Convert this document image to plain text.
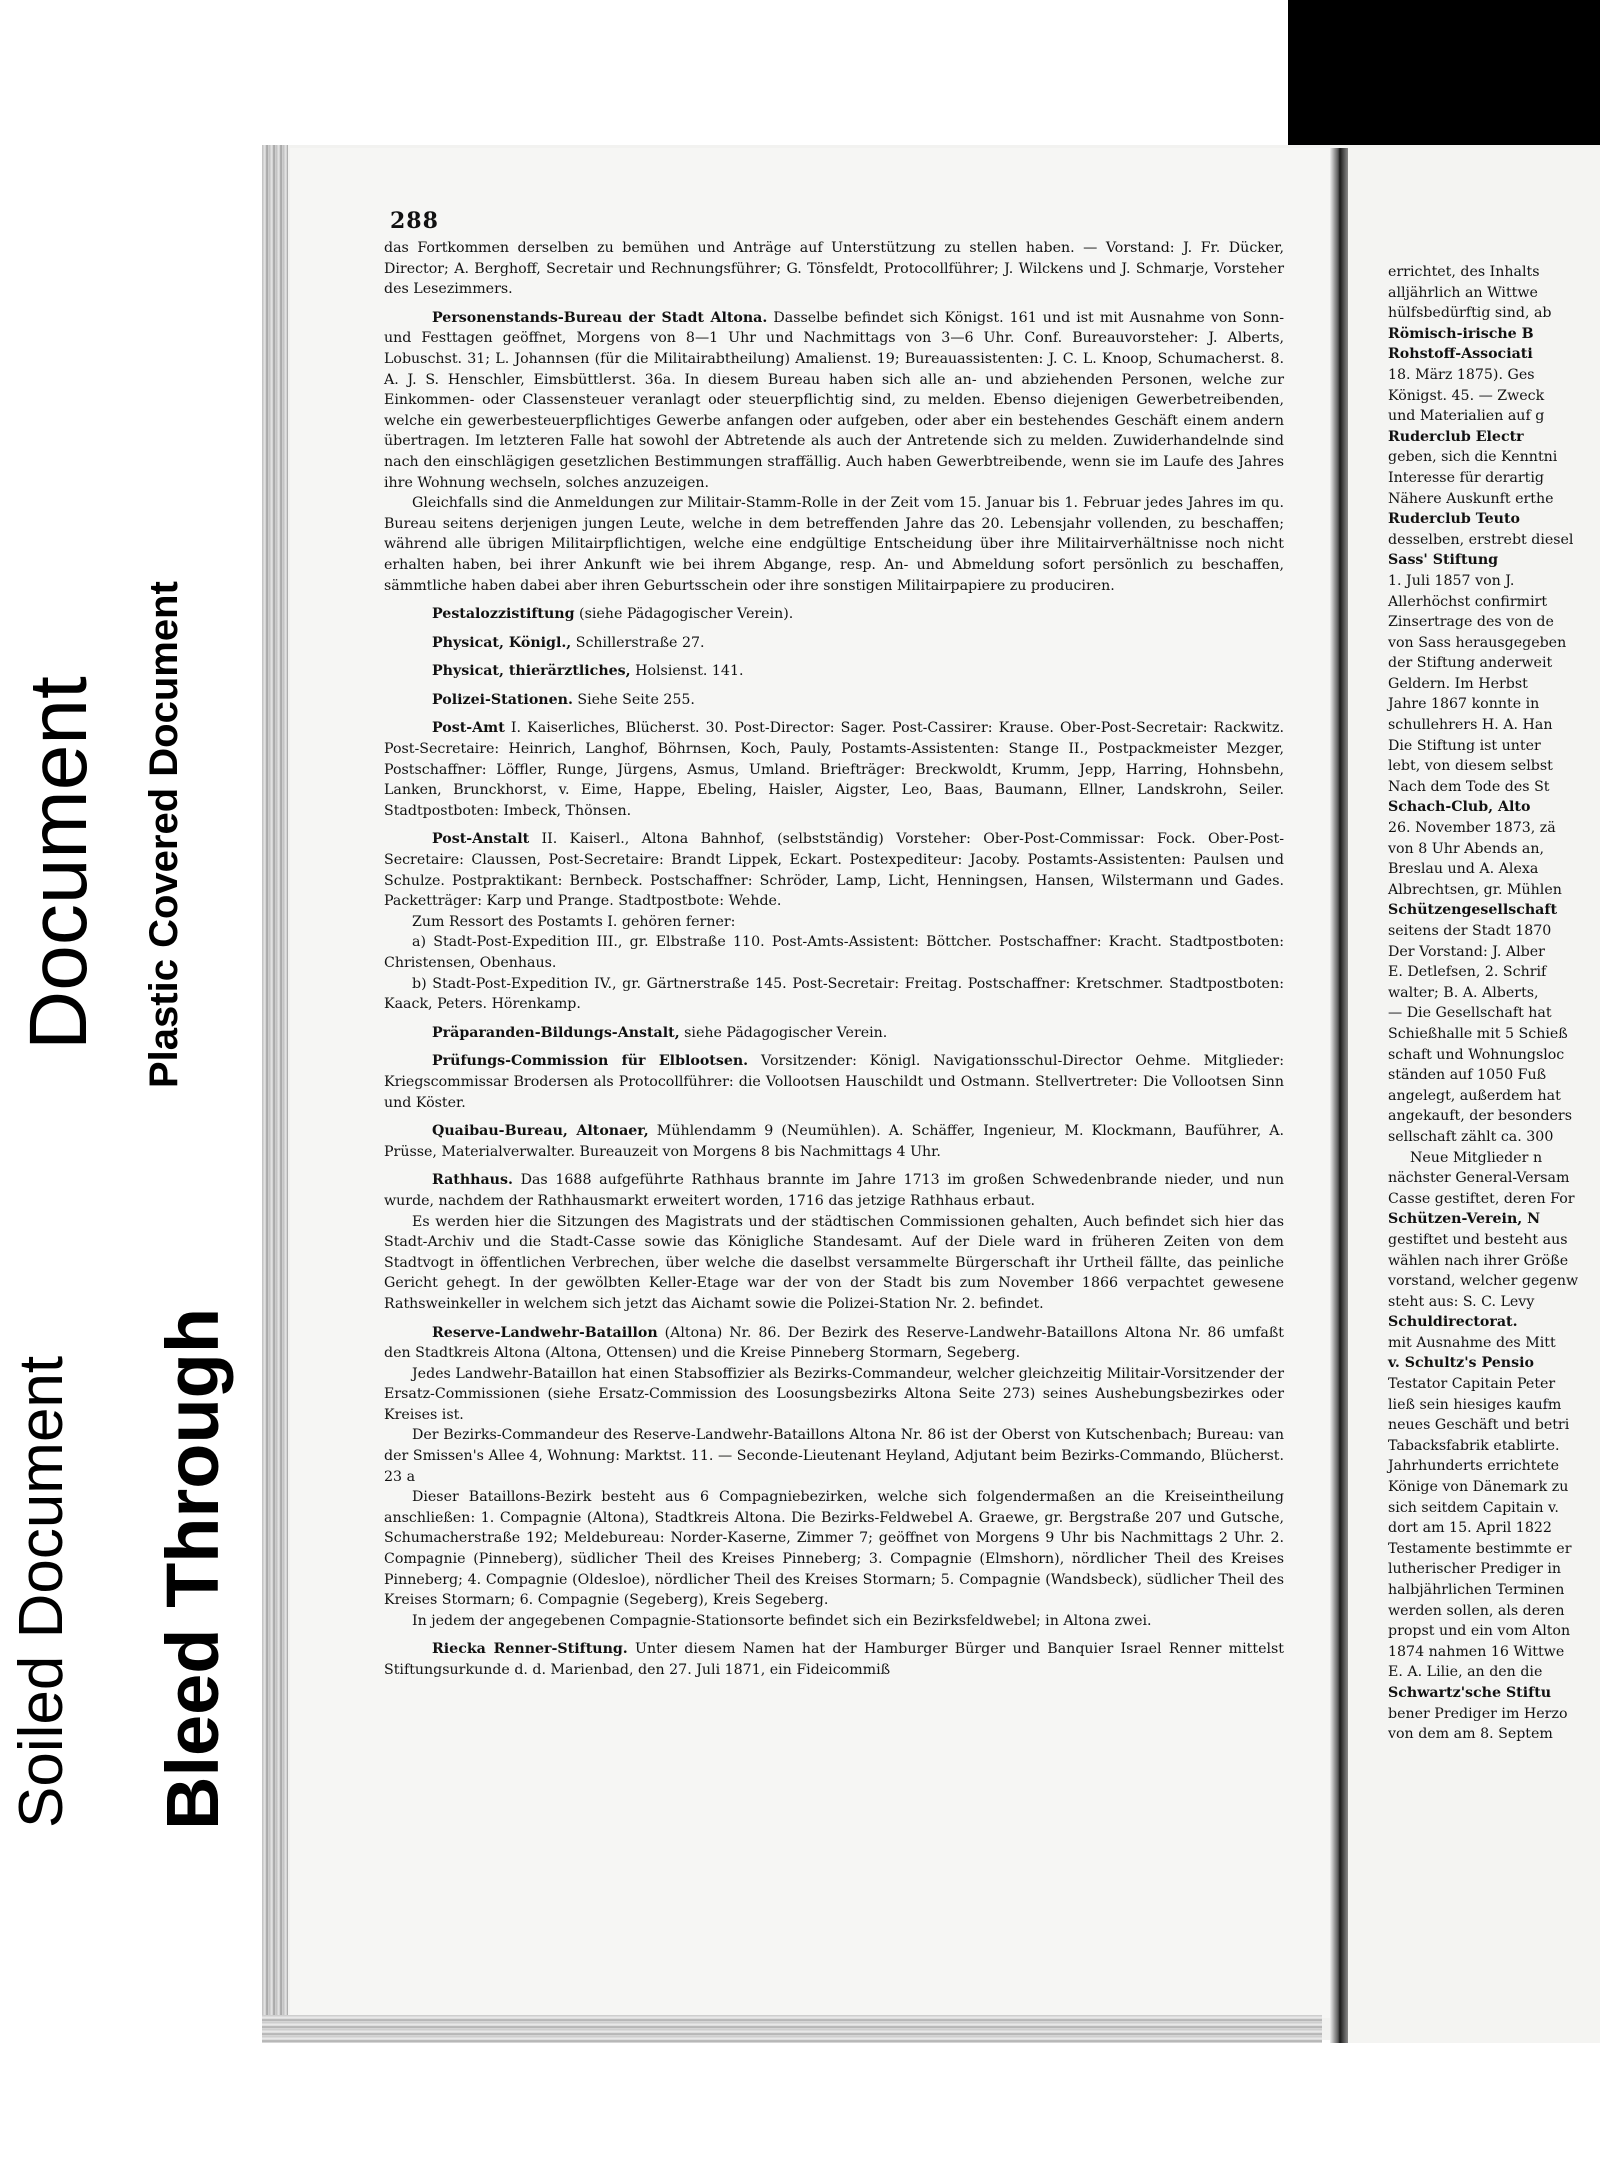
Document Plastic Covered Document
Soiled Document Bleed Through
288

das Fortkommen derselben zu bemühen und Anträge auf Unterstützung zu stellen haben. — Vorstand: J. Fr. Dücker, Director; A. Berghoff, Secretair und Rechnungsführer; G. Tönsfeldt, Protocollführer; J. Wilckens und J. Schmarje, Vorsteher des Lesezimmers.

Personenstands-Bureau der Stadt Altona. Dasselbe befindet sich Königst. 161 und ist mit Ausnahme von Sonn- und Festtagen geöffnet, Morgens von 8—1 Uhr und Nachmittags von 3—6 Uhr. Conf. Bureauvorsteher: J. Alberts, Lobuschst. 31; L. Johannsen (für die Militairabtheilung) Amalienst. 19; Bureauassistenten: J. C. L. Knoop, Schumacherst. 8. A. J. S. Henschler, Eimsbüttlerst. 36a. In diesem Bureau haben sich alle an- und abziehenden Personen, welche zur Einkommen- oder Classensteuer veranlagt oder steuerpflichtig sind, zu melden. Ebenso diejenigen Gewerbetreibenden, welche ein gewerbesteuerpflichtiges Gewerbe anfangen oder aufgeben, oder aber ein bestehendes Geschäft einem andern übertragen. Im letzteren Falle hat sowohl der Abtretende als auch der Antretende sich zu melden. Zuwiderhandelnde sind nach den einschlägigen gesetzlichen Bestimmungen straffällig. Auch haben Gewerbtreibende, wenn sie im Laufe des Jahres ihre Wohnung wechseln, solches anzuzeigen.

Gleichfalls sind die Anmeldungen zur Militair-Stamm-Rolle in der Zeit vom 15. Januar bis 1. Februar jedes Jahres im qu. Bureau seitens derjenigen jungen Leute, welche in dem betreffenden Jahre das 20. Lebensjahr vollenden, zu beschaffen; während alle übrigen Militairpflichtigen, welche eine endgültige Entscheidung über ihre Militairverhältnisse noch nicht erhalten haben, bei ihrer Ankunft wie bei ihrem Abgange, resp. An- und Abmeldung sofort persönlich zu beschaffen, sämmtliche haben dabei aber ihren Geburtsschein oder ihre sonstigen Militairpapiere zu produciren.

Pestalozzistiftung (siehe Pädagogischer Verein).

Physicat, Königl., Schillerstraße 27.

Physicat, thierärztliches, Holsienst. 141.

Polizei-Stationen. Siehe Seite 255.

Post-Amt I. Kaiserliches, Blücherst. 30. Post-Director: Sager. Post-Cassirer: Krause. Ober-Post-Secretair: Rackwitz. Post-Secretaire: Heinrich, Langhof, Böhrnsen, Koch, Pauly, Postamts-Assistenten: Stange II., Postpackmeister Mezger, Postschaffner: Löffler, Runge, Jürgens, Asmus, Umland. Briefträger: Breckwoldt, Krumm, Jepp, Harring, Hohnsbehn, Lanken, Brunckhorst, v. Eime, Happe, Ebeling, Haisler, Aigster, Leo, Baas, Baumann, Ellner, Landskrohn, Seiler. Stadtpostboten: Imbeck, Thönsen.

Post-Anstalt II. Kaiserl., Altona Bahnhof, (selbstständig) Vorsteher: Ober-Post-Commissar: Fock. Ober-Post-Secretaire: Claussen, Post-Secretaire: Brandt Lippek, Eckart. Postexpediteur: Jacoby. Postamts-Assistenten: Paulsen und Schulze. Postpraktikant: Bernbeck. Postschaffner: Schröder, Lamp, Licht, Henningsen, Hansen, Wilstermann und Gades. Packetträger: Karp und Prange. Stadtpostbote: Wehde.

Zum Ressort des Postamts I. gehören ferner:

a) Stadt-Post-Expedition III., gr. Elbstraße 110. Post-Amts-Assistent: Böttcher. Postschaffner: Kracht. Stadtpostboten: Christensen, Obenhaus.

b) Stadt-Post-Expedition IV., gr. Gärtnerstraße 145. Post-Secretair: Freitag. Postschaffner: Kretschmer. Stadtpostboten: Kaack, Peters. Hörenkamp.

Präparanden-Bildungs-Anstalt, siehe Pädagogischer Verein.

Prüfungs-Commission für Elblootsen. Vorsitzender: Königl. Navigationsschul-Director Oehme. Mitglieder: Kriegscommissar Brodersen als Protocollführer: die Vollootsen Hauschildt und Ostmann. Stellvertreter: Die Vollootsen Sinn und Köster.

Quaibau-Bureau, Altonaer, Mühlendamm 9 (Neumühlen). A. Schäffer, Ingenieur, M. Klockmann, Bauführer, A. Prüsse, Materialverwalter. Bureauzeit von Morgens 8 bis Nachmittags 4 Uhr.

Rathhaus. Das 1688 aufgeführte Rathhaus brannte im Jahre 1713 im großen Schwedenbrande nieder, und nun wurde, nachdem der Rathhausmarkt erweitert worden, 1716 das jetzige Rathhaus erbaut.

Es werden hier die Sitzungen des Magistrats und der städtischen Commissionen gehalten, Auch befindet sich hier das Stadt-Archiv und die Stadt-Casse sowie das Königliche Standesamt. Auf der Diele ward in früheren Zeiten von dem Stadtvogt in öffentlichen Verbrechen, über welche die daselbst versammelte Bürgerschaft ihr Urtheil fällte, das peinliche Gericht gehegt. In der gewölbten Keller-Etage war der von der Stadt bis zum November 1866 verpachtet gewesene Rathsweinkeller in welchem sich jetzt das Aichamt sowie die Polizei-Station Nr. 2. befindet.

Reserve-Landwehr-Bataillon (Altona) Nr. 86. Der Bezirk des Reserve-Landwehr-Bataillons Altona Nr. 86 umfaßt den Stadtkreis Altona (Altona, Ottensen) und die Kreise Pinneberg Stormarn, Segeberg.

Jedes Landwehr-Bataillon hat einen Stabsoffizier als Bezirks-Commandeur, welcher gleichzeitig Militair-Vorsitzender der Ersatz-Commissionen (siehe Ersatz-Commission des Loosungsbezirks Altona Seite 273) seines Aushebungsbezirkes oder Kreises ist.

Der Bezirks-Commandeur des Reserve-Landwehr-Bataillons Altona Nr. 86 ist der Oberst von Kutschenbach; Bureau: van der Smissen's Allee 4, Wohnung: Marktst. 11. — Seconde-Lieutenant Heyland, Adjutant beim Bezirks-Commando, Blücherst. 23 a

Dieser Bataillons-Bezirk besteht aus 6 Compagniebezirken, welche sich folgendermaßen an die Kreiseintheilung anschließen: 1. Compagnie (Altona), Stadtkreis Altona. Die Bezirks-Feldwebel A. Graewe, gr. Bergstraße 207 und Gutsche, Schumacherstraße 192; Meldebureau: Norder-Kaserne, Zimmer 7; geöffnet von Morgens 9 Uhr bis Nachmittags 2 Uhr. 2. Compagnie (Pinneberg), südlicher Theil des Kreises Pinneberg; 3. Compagnie (Elmshorn), nördlicher Theil des Kreises Pinneberg; 4. Compagnie (Oldesloe), nördlicher Theil des Kreises Stormarn; 5. Compagnie (Wandsbeck), südlicher Theil des Kreises Stormarn; 6. Compagnie (Segeberg), Kreis Segeberg.

In jedem der angegebenen Compagnie-Stationsorte befindet sich ein Bezirksfeldwebel; in Altona zwei.

Riecka Renner-Stiftung. Unter diesem Namen hat der Hamburger Bürger und Banquier Israel Renner mittelst Stiftungsurkunde d. d. Marienbad, den 27. Juli 1871, ein Fideicommiß

errichtet, des Inhalts
alljährlich an Wittwe
hülfsbedürftig sind, ab
Römisch-irische B
Rohstoff-Associati
18. März 1875). Ges
Königst. 45. — Zweck
und Materialien auf g
Ruderclub Electr
geben, sich die Kenntni
Interesse für derartig
Nähere Auskunft erthe
Ruderclub Teuto
desselben, erstrebt diesel
Sass' Stiftung
1. Juli 1857 von J.
Allerhöchst confirmirt
Zinsertrage des von de
von Sass herausgegeben
der Stiftung anderweit
Geldern. Im Herbst
Jahre 1867 konnte in
schullehrers H. A. Han
Die Stiftung ist unter
lebt, von diesem selbst
Nach dem Tode des St
Schach-Club, Alto
26. November 1873, zä
von 8 Uhr Abends an,
Breslau und A. Alexa
Albrechtsen, gr. Mühlen
Schützengesellschaft
seitens der Stadt 1870
Der Vorstand: J. Alber
E. Detlefsen, 2. Schrif
walter; B. A. Alberts,
— Die Gesellschaft hat
Schießhalle mit 5 Schieß
schaft und Wohnungsloc
ständen auf 1050 Fuß
angelegt, außerdem hat
angekauft, der besonders
sellschaft zählt ca. 300
Neue Mitglieder n
nächster General-Versam
Casse gestiftet, deren For
Schützen-Verein, N
gestiftet und besteht aus
wählen nach ihrer Größe
vorstand, welcher gegenw
steht aus: S. C. Levy
Schuldirectorat.
mit Ausnahme des Mitt
v. Schultz's Pensio
Testator Capitain Peter
ließ sein hiesiges kaufm
neues Geschäft und betri
Tabacksfabrik etablirte.
Jahrhunderts errichtete
Könige von Dänemark zu
sich seitdem Capitain v.
dort am 15. April 1822
Testamente bestimmte er
lutherischer Prediger in
halbjährlichen Terminen
werden sollen, als deren
propst und ein vom Alton
1874 nahmen 16 Wittwe
E. A. Lilie, an den die
Schwartz'sche Stiftu
bener Prediger im Herzo
von dem am 8. Septem
